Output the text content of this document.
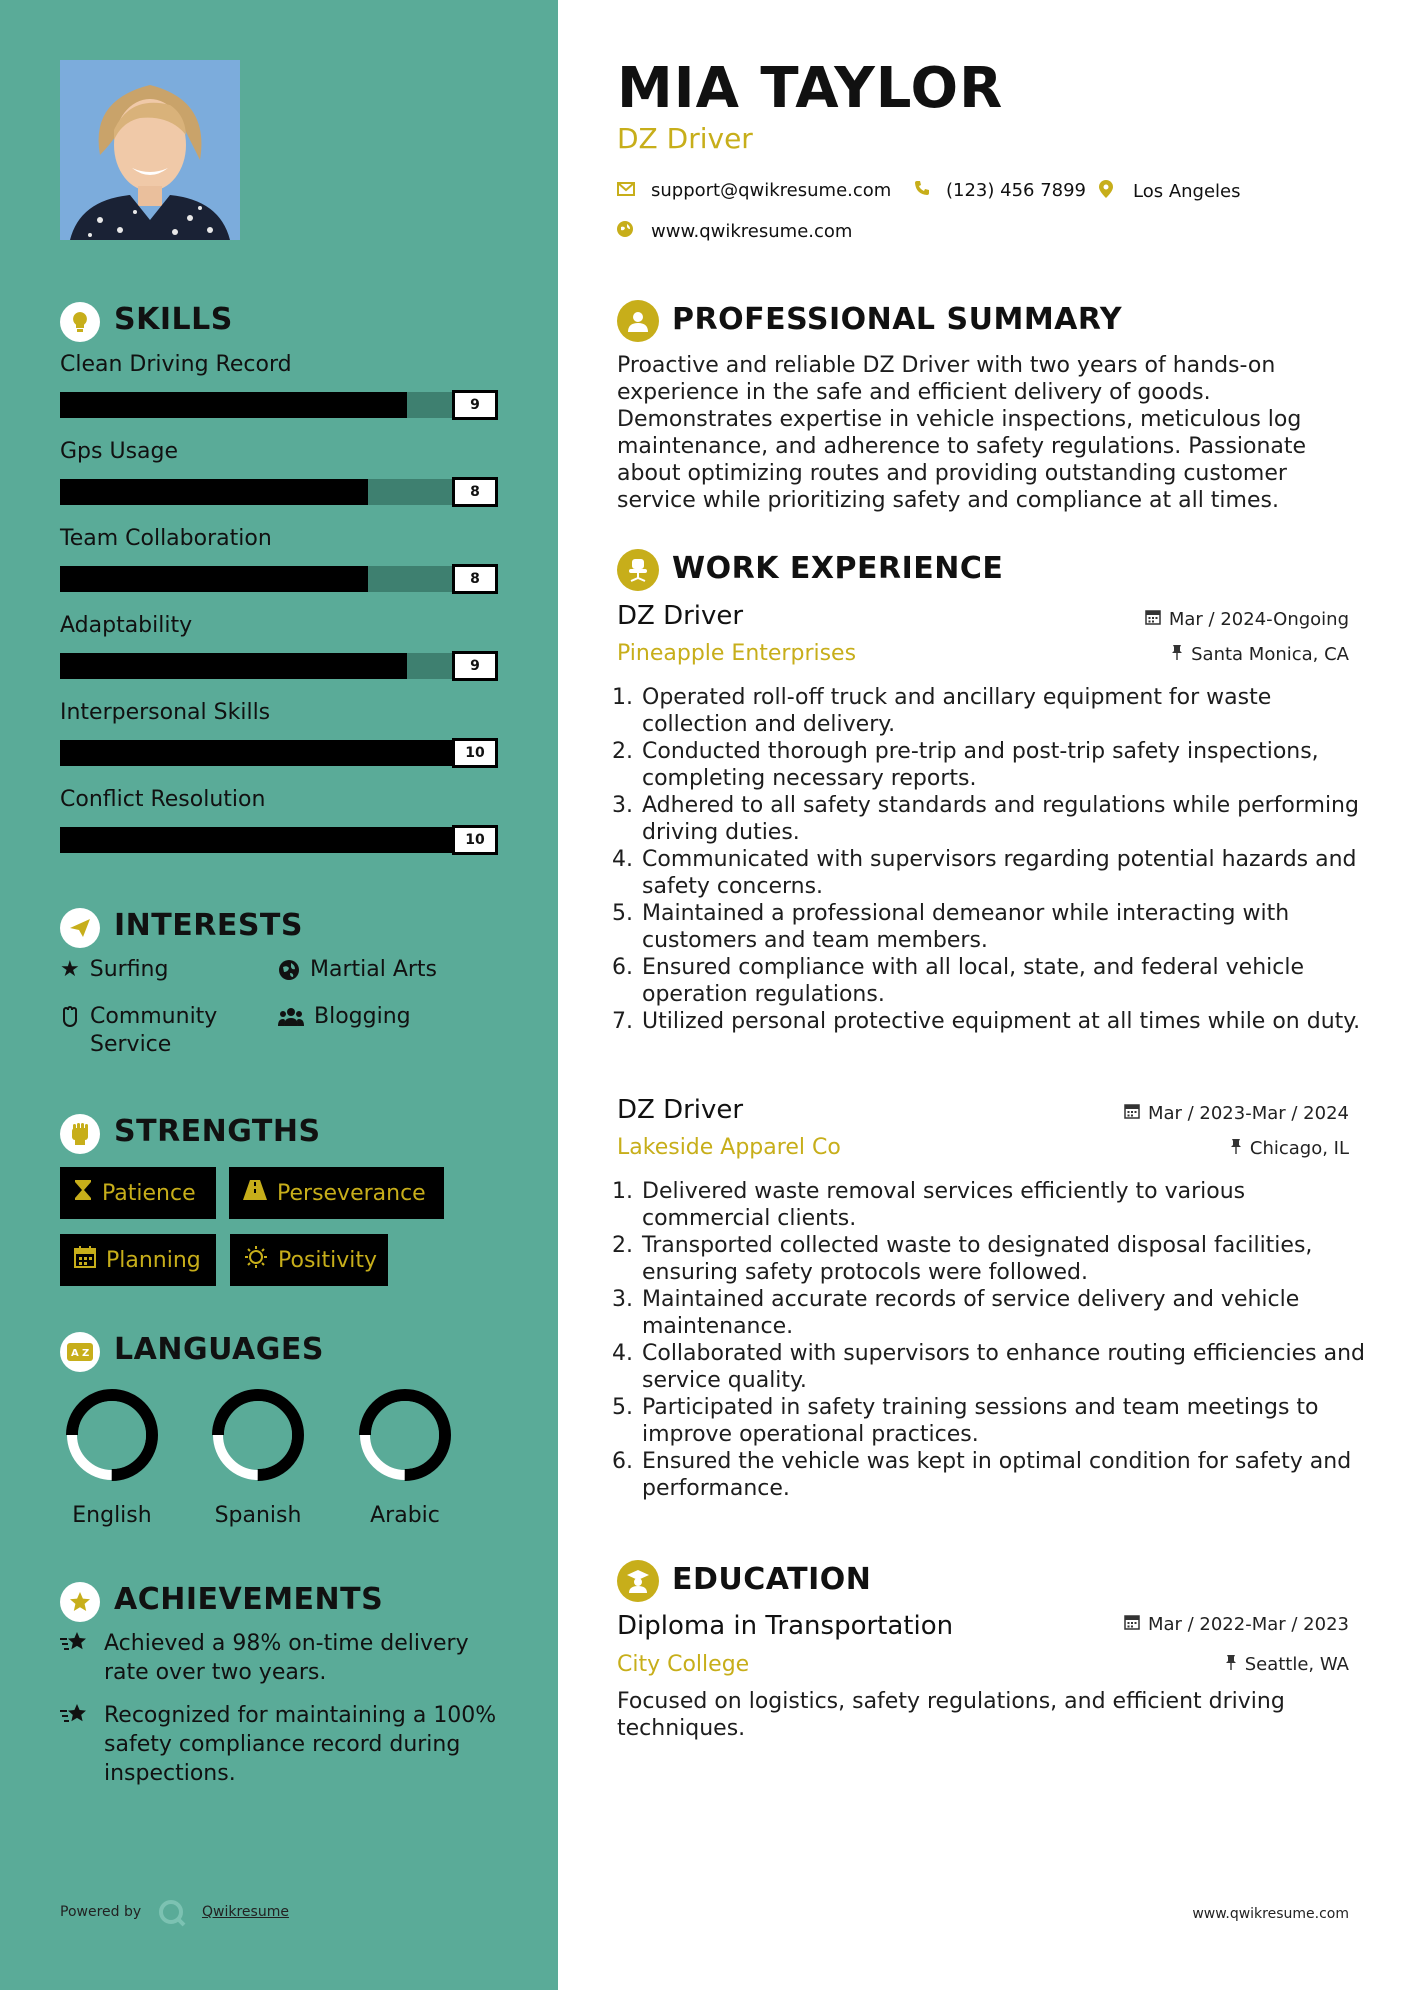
SKILLS
Clean Driving Record
9
Gps Usage
8
Team Collaboration
8
Adaptability
9
Interpersonal Skills
10
Conflict Resolution
10
INTERESTS
★ Surfing	Martial Arts
Community Service
Blogging
STRENGTHS
Patience	Perseverance
Planning	Positivity
A Z LANGUAGES
English	Spanish	Arabic
ACHIEVEMENTS
Achieved a 98% on-time delivery rate over two years.
Recognized for maintaining a 100% safety compliance record during inspections.
Powered by	Qwikresume
MIA TAYLOR
DZ Driver
support@qwikresume.com	(123) 456 7899	Los Angeles
www.qwikresume.com
PROFESSIONAL SUMMARY
Proactive and reliable DZ Driver with two years of hands-on experience in the safe and efficient delivery of goods. Demonstrates expertise in vehicle inspections, meticulous log maintenance, and adherence to safety regulations. Passionate about optimizing routes and providing outstanding customer service while prioritizing safety and compliance at all times.
WORK EXPERIENCE
DZ Driver
Pineapple Enterprises
Mar / 2024-Ongoing
Santa Monica, CA
1. Operated roll-off truck and ancillary equipment for waste collection and delivery.
2. Conducted thorough pre-trip and post-trip safety inspections, completing necessary reports.
3. Adhered to all safety standards and regulations while performing driving duties.
4. Communicated with supervisors regarding potential hazards and safety concerns.
5. Maintained a professional demeanor while interacting with customers and team members.
6. Ensured compliance with all local, state, and federal vehicle operation regulations.
7. Utilized personal protective equipment at all times while on duty.
DZ Driver
Lakeside Apparel Co
Mar / 2023-Mar / 2024
Chicago, IL
1. Delivered waste removal services efficiently to various commercial clients.
2. Transported collected waste to designated disposal facilities, ensuring safety protocols were followed.
3. Maintained accurate records of service delivery and vehicle maintenance.
4. Collaborated with supervisors to enhance routing efficiencies and service quality.
5. Participated in safety training sessions and team meetings to improve operational practices.
6. Ensured the vehicle was kept in optimal condition for safety and performance.
EDUCATION
Diploma in Transportation
City College
Mar / 2022-Mar / 2023
Seattle, WA
Focused on logistics, safety regulations, and efficient driving techniques.
www.qwikresume.com
